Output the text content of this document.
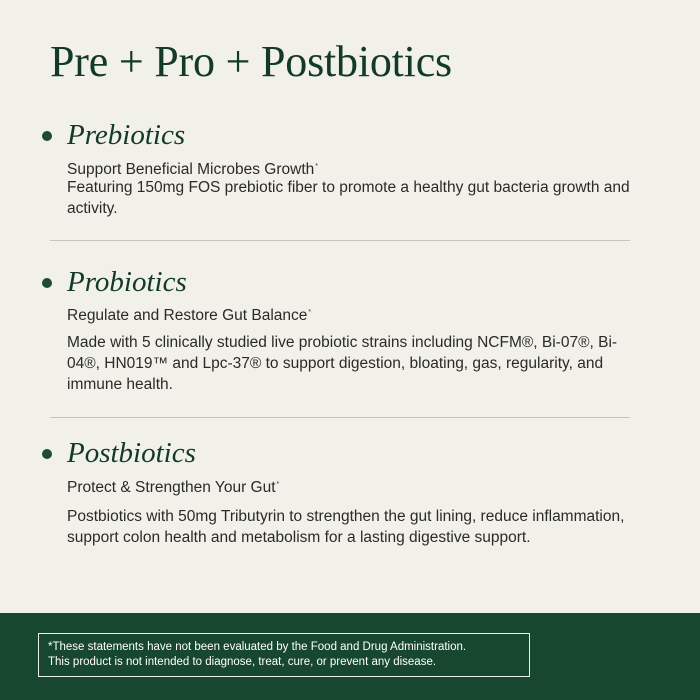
Pre + Pro + Postbiotics
Prebiotics

Support Beneficial Microbes Growth*

Featuring 150mg FOS prebiotic fiber to promote a healthy gut bacteria growth and activity.

Probiotics

Regulate and Restore Gut Balance*

Made with 5 clinically studied live probiotic strains including NCFM®, Bi-07®, Bi-04®, HN019™ and Lpc-37® to support digestion, bloating, gas, regularity, and immune health.

Postbiotics

Protect & Strengthen Your Gut*

Postbiotics with 50mg Tributyrin to strengthen the gut lining, reduce inflammation, support colon health and metabolism for a lasting digestive support.

*These statements have not been evaluated by the Food and Drug Administration.
This product is not intended to diagnose, treat, cure, or prevent any disease.
